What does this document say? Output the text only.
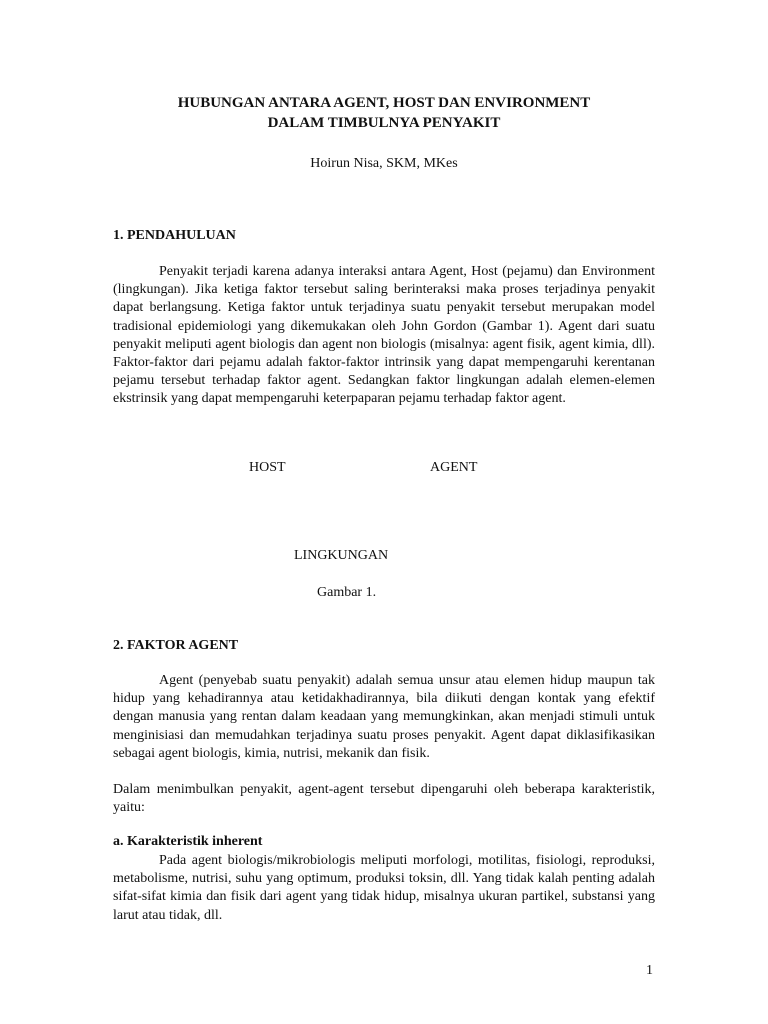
HUBUNGAN ANTARA AGENT, HOST DAN ENVIRONMENT
DALAM TIMBULNYA PENYAKIT
Hoirun Nisa, SKM, MKes
1. PENDAHULUAN
Penyakit terjadi karena adanya interaksi antara Agent, Host (pejamu) dan Environment (lingkungan). Jika ketiga faktor tersebut saling berinteraksi maka proses terjadinya penyakit dapat berlangsung. Ketiga faktor untuk terjadinya suatu penyakit tersebut merupakan model tradisional epidemiologi yang dikemukakan oleh John Gordon (Gambar 1). Agent dari suatu penyakit meliputi agent biologis dan agent non biologis (misalnya: agent fisik, agent kimia, dll). Faktor-faktor dari pejamu adalah faktor-faktor intrinsik yang dapat mempengaruhi kerentanan pejamu tersebut terhadap faktor agent. Sedangkan faktor lingkungan adalah elemen-elemen ekstrinsik yang dapat mempengaruhi keterpaparan pejamu terhadap faktor agent.
HOST	AGENT
LINGKUNGAN
Gambar 1.
2. FAKTOR AGENT
Agent (penyebab suatu penyakit) adalah semua unsur atau elemen hidup maupun tak hidup yang kehadirannya atau ketidakhadirannya, bila diikuti dengan kontak yang efektif dengan manusia yang rentan dalam keadaan yang memungkinkan, akan menjadi stimuli untuk menginisiasi dan memudahkan terjadinya suatu proses penyakit. Agent dapat diklasifikasikan sebagai agent biologis, kimia, nutrisi, mekanik dan fisik.
Dalam menimbulkan penyakit, agent-agent tersebut dipengaruhi oleh beberapa karakteristik, yaitu:
a. Karakteristik inherent
Pada agent biologis/mikrobiologis meliputi morfologi, motilitas, fisiologi, reproduksi, metabolisme, nutrisi, suhu yang optimum, produksi toksin, dll. Yang tidak kalah penting adalah sifat-sifat kimia dan fisik dari agent yang tidak hidup, misalnya ukuran partikel, substansi yang larut atau tidak, dll.
1
